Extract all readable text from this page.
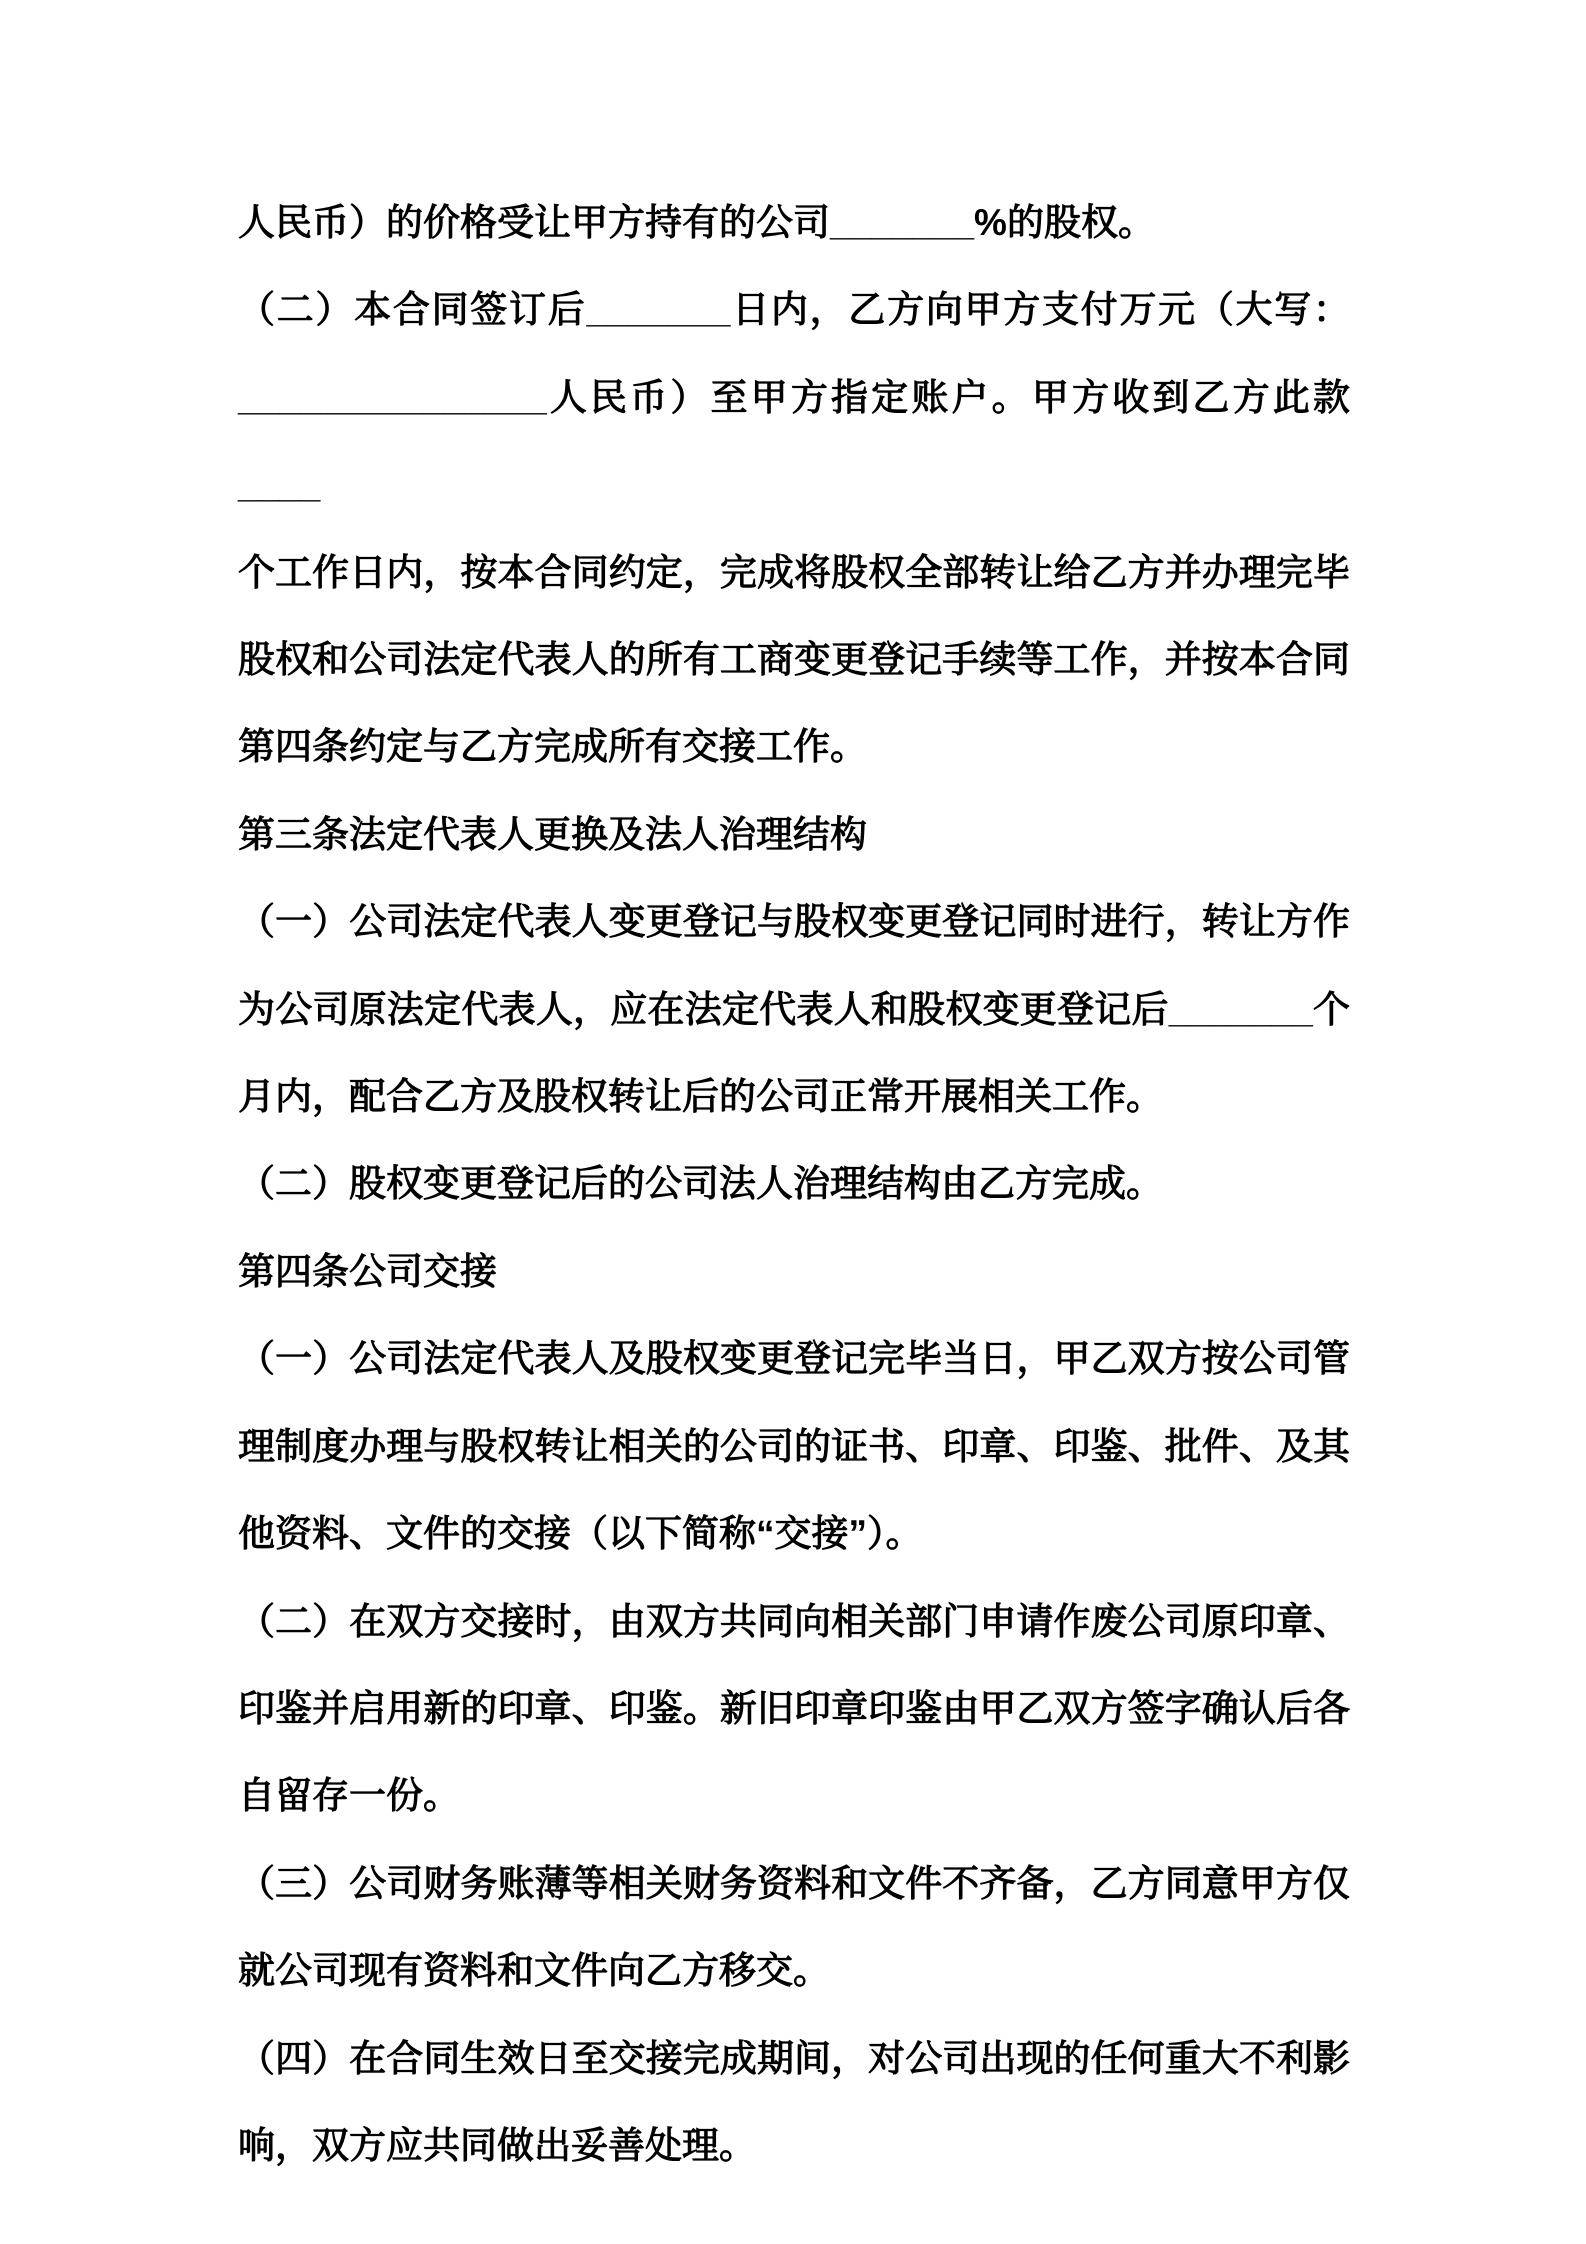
人民币）的价格受让甲方持有的公司_______%的股权。
（二）本合同签订后_______日内，乙方向甲方支付万元（大写：
_______________人民币）至甲方指定账户。甲方收到乙方此款____
个工作日内，按本合同约定，完成将股权全部转让给乙方并办理完毕
股权和公司法定代表人的所有工商变更登记手续等工作，并按本合同
第四条约定与乙方完成所有交接工作。
第三条法定代表人更换及法人治理结构
（一）公司法定代表人变更登记与股权变更登记同时进行，转让方作
为公司原法定代表人，应在法定代表人和股权变更登记后_______个
月内，配合乙方及股权转让后的公司正常开展相关工作。
（二）股权变更登记后的公司法人治理结构由乙方完成。
第四条公司交接
（一）公司法定代表人及股权变更登记完毕当日，甲乙双方按公司管
理制度办理与股权转让相关的公司的证书、印章、印鉴、批件、及其
他资料、文件的交接（以下简称“交接”）。
（二）在双方交接时，由双方共同向相关部门申请作废公司原印章、
印鉴并启用新的印章、印鉴。新旧印章印鉴由甲乙双方签字确认后各
自留存一份。
（三）公司财务账薄等相关财务资料和文件不齐备，乙方同意甲方仅
就公司现有资料和文件向乙方移交。
（四）在合同生效日至交接完成期间，对公司出现的任何重大不利影
响，双方应共同做出妥善处理。
